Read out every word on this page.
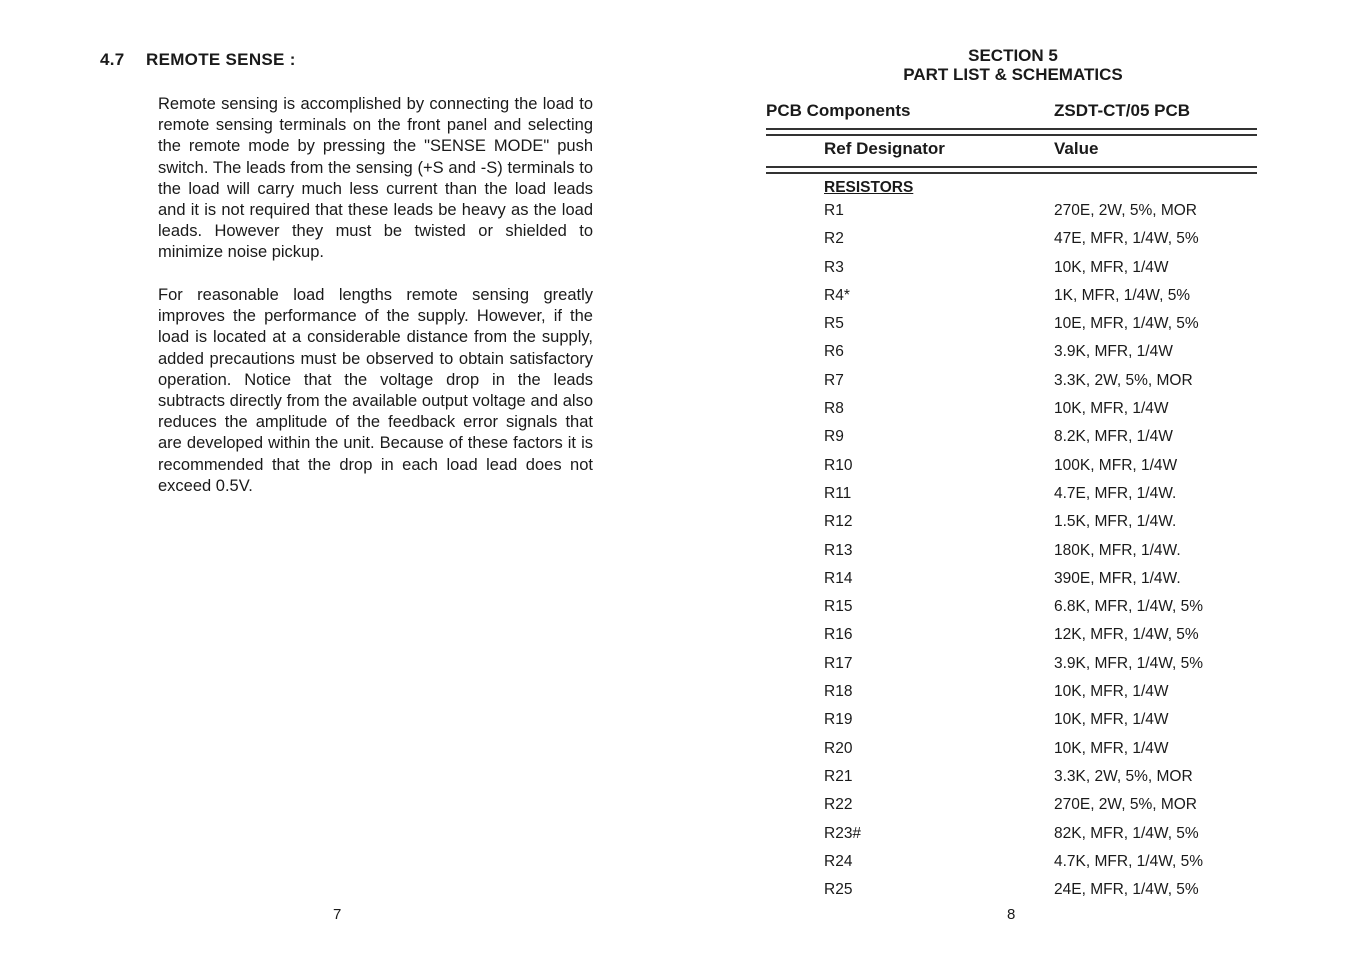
4.7 REMOTE SENSE :

Remote sensing is accomplished by connecting the load to remote sensing terminals on the front panel and selecting the remote mode by pressing the "SENSE MODE" push switch. The leads from the sensing (+S and -S) terminals to the load will carry much less current than the load leads and it is not required that these leads be heavy as the load leads. However they must be twisted or shielded to minimize noise pickup.

For reasonable load lengths remote sensing greatly improves the performance of the supply. However, if the load is located at a considerable distance from the supply, added precautions must be observed to obtain satisfactory operation. Notice that the voltage drop in the leads subtracts directly from the available output voltage and also reduces the amplitude of the feedback error signals that are developed within the unit. Because of these factors it is recommended that the drop in each load lead does not exceed 0.5V.

7
SECTION 5
PART LIST & SCHEMATICS
PCB Components	ZSDT-CT/05 PCB
Ref Designator	Value
RESISTORS
R1	270E, 2W, 5%, MOR
R2	47E, MFR, 1/4W, 5%
R3	10K, MFR, 1/4W
R4*	1K, MFR, 1/4W, 5%
R5	10E, MFR, 1/4W, 5%
R6	3.9K, MFR, 1/4W
R7	3.3K, 2W, 5%, MOR
R8	10K, MFR, 1/4W
R9	8.2K, MFR, 1/4W
R10	100K, MFR, 1/4W
R11	4.7E, MFR, 1/4W.
R12	1.5K, MFR, 1/4W.
R13	180K, MFR, 1/4W.
R14	390E, MFR, 1/4W.
R15	6.8K, MFR, 1/4W, 5%
R16	12K, MFR, 1/4W, 5%
R17	3.9K, MFR, 1/4W, 5%
R18	10K, MFR, 1/4W
R19	10K, MFR, 1/4W
R20	10K, MFR, 1/4W
R21	3.3K, 2W, 5%, MOR
R22	270E, 2W, 5%, MOR
R23#	82K, MFR, 1/4W, 5%
R24	4.7K, MFR, 1/4W, 5%
R25	24E, MFR, 1/4W, 5%
8
